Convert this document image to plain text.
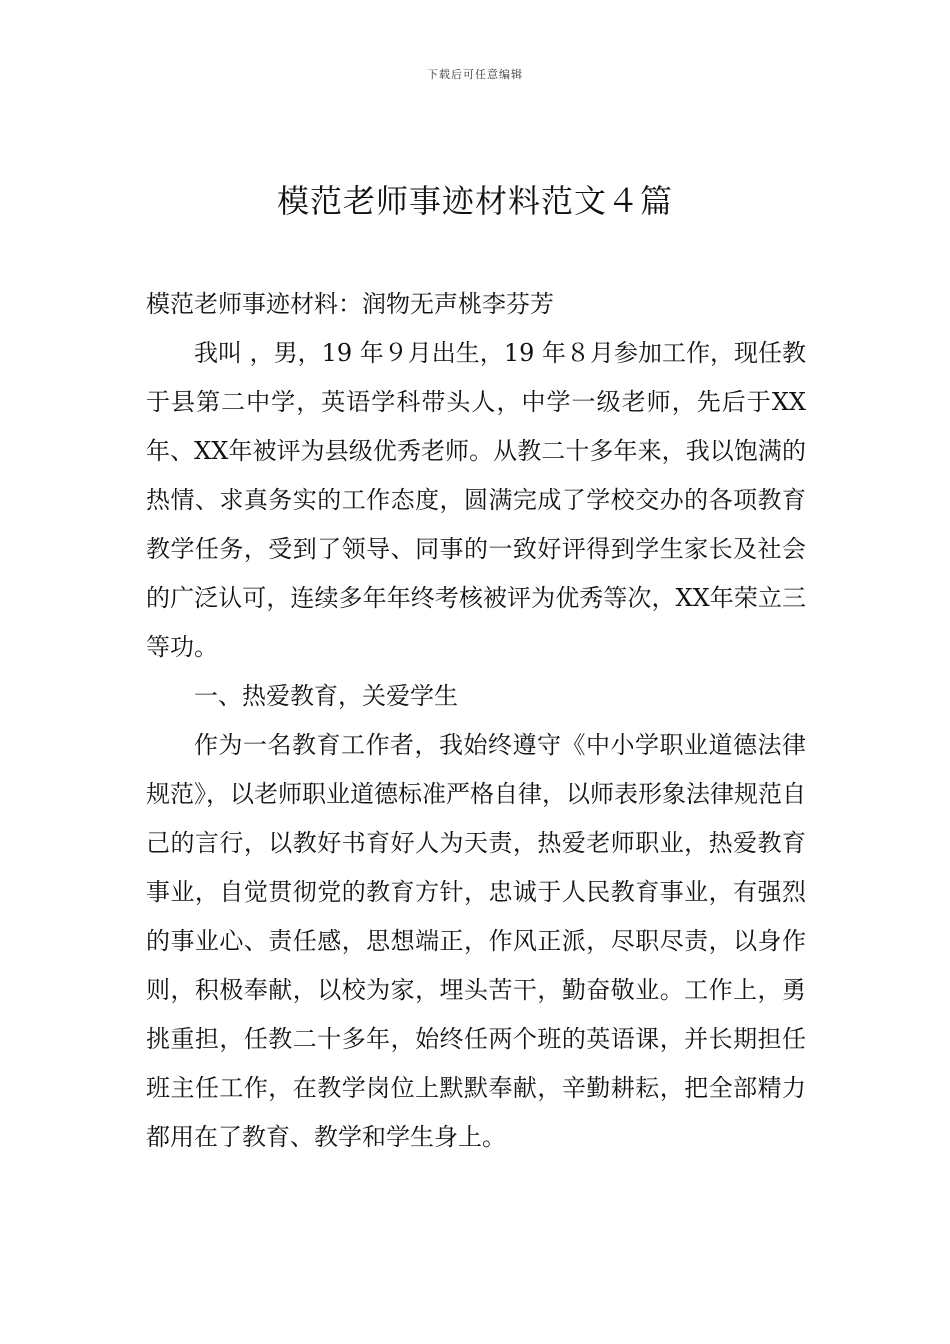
下载后可任意编辑
模范老师事迹材料范文４篇

模范老师事迹材料：润物无声桃李芬芳

我叫 ，男，19 年９月出生，19 年８月参加工作，现任教于县第二中学，英语学科带头人，中学一级老师，先后于XX年、XX年被评为县级优秀老师。从教二十多年来，我以饱满的热情、求真务实的工作态度，圆满完成了学校交办的各项教育教学任务，受到了领导、同事的一致好评得到学生家长及社会的广泛认可，连续多年年终考核被评为优秀等次，XX年荣立三等功。

一、热爱教育，关爱学生

作为一名教育工作者，我始终遵守《中小学职业道德法律规范》，以老师职业道德标准严格自律，以师表形象法律规范自己的言行，以教好书育好人为天责，热爱老师职业，热爱教育事业，自觉贯彻党的教育方针，忠诚于人民教育事业，有强烈的事业心、责任感，思想端正，作风正派，尽职尽责，以身作则，积极奉献，以校为家，埋头苦干，勤奋敬业。工作上，勇挑重担，任教二十多年，始终任两个班的英语课，并长期担任班主任工作，在教学岗位上默默奉献，辛勤耕耘，把全部精力都用在了教育、教学和学生身上。
